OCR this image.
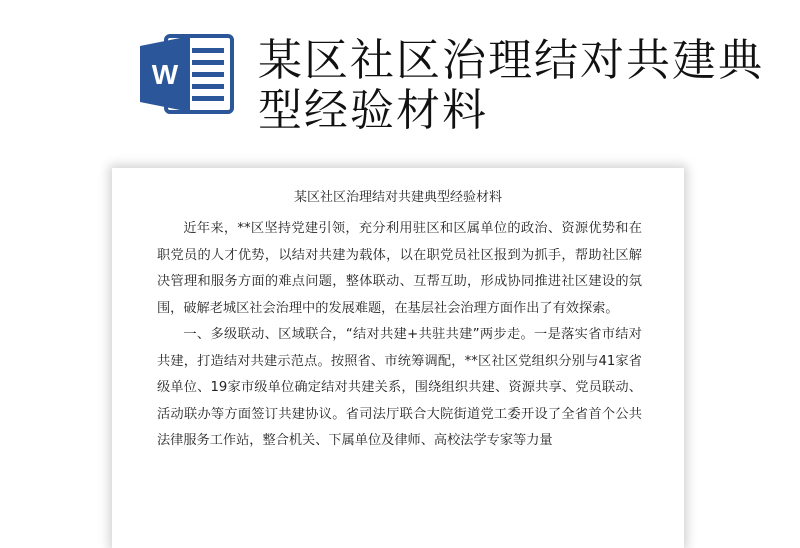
W 某区社区治理结对共建典型经验材料
某区社区治理结对共建典型经验材料

近年来，**区坚持党建引领，充分利用驻区和区属单位的政治、资源优势和在职党员的人才优势，以结对共建为载体，以在职党员社区报到为抓手，帮助社区解决管理和服务方面的难点问题，整体联动、互帮互助，形成协同推进社区建设的氛围，破解老城区社会治理中的发展难题，在基层社会治理方面作出了有效探索。

一、多级联动、区域联合，“结对共建+共驻共建”两步走。一是落实省市结对共建，打造结对共建示范点。按照省、市统筹调配，**区社区党组织分别与41家省级单位、19家市级单位确定结对共建关系，围绕组织共建、资源共享、党员联动、活动联办等方面签订共建协议。省司法厅联合大院街道党工委开设了全省首个公共法律服务工作站，整合机关、下属单位及律师、高校法学专家等力量
